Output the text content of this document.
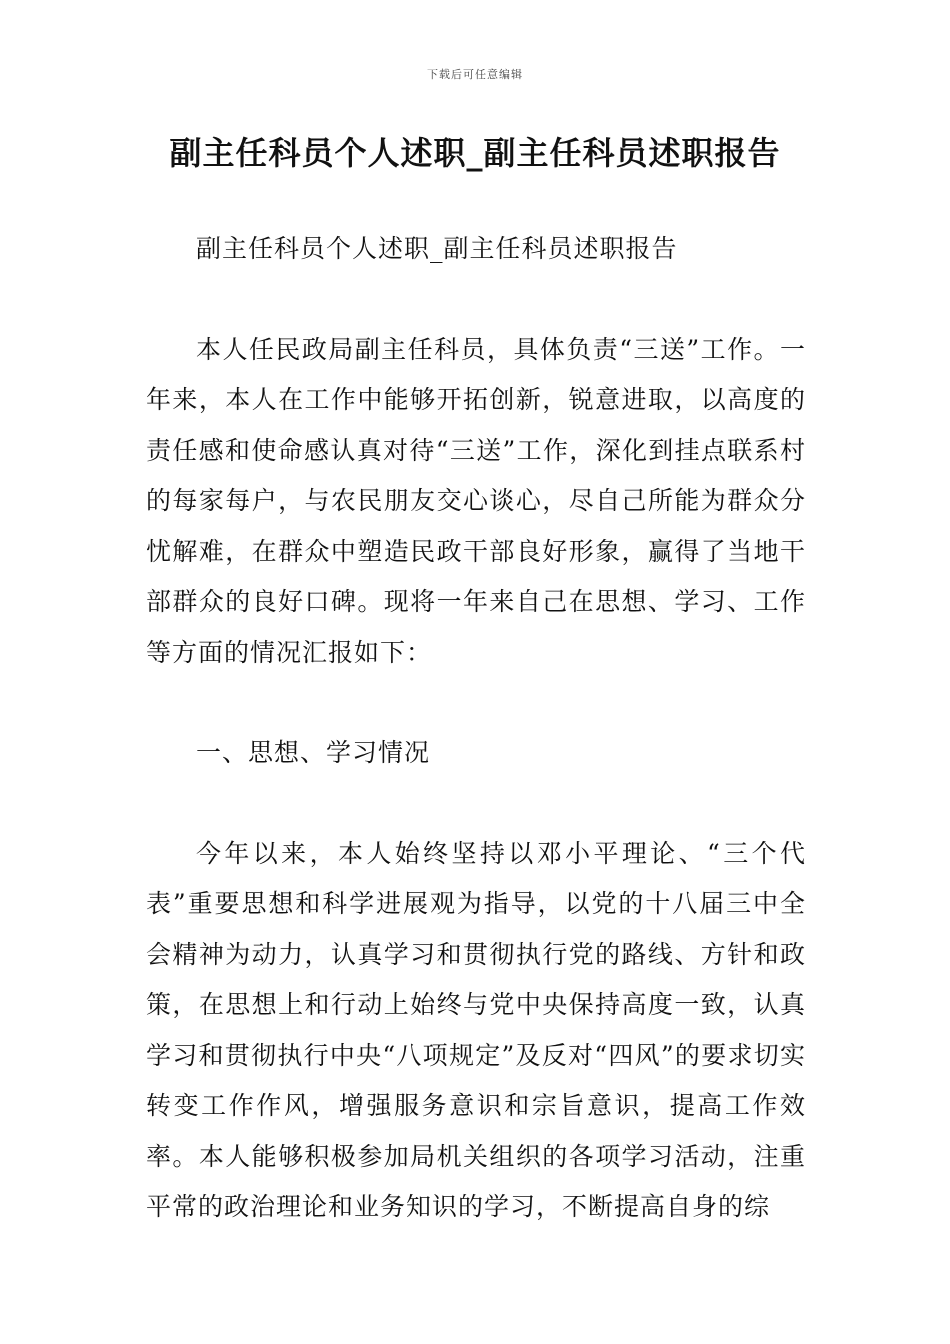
下载后可任意编辑
副主任科员个人述职_副主任科员述职报告

副主任科员个人述职_副主任科员述职报告

本人任民政局副主任科员，具体负责“三送”工作。一年来，本人在工作中能够开拓创新，锐意进取，以高度的责任感和使命感认真对待“三送”工作，深化到挂点联系村的每家每户，与农民朋友交心谈心，尽自己所能为群众分忧解难，在群众中塑造民政干部良好形象，赢得了当地干部群众的良好口碑。现将一年来自己在思想、学习、工作等方面的情况汇报如下：

一、思想、学习情况

今年以来，本人始终坚持以邓小平理论、“三个代表”重要思想和科学进展观为指导，以党的十八届三中全会精神为动力，认真学习和贯彻执行党的路线、方针和政策，在思想上和行动上始终与党中央保持高度一致，认真学习和贯彻执行中央“八项规定”及反对“四风”的要求切实转变工作作风，增强服务意识和宗旨意识，提高工作效率。本人能够积极参加局机关组织的各项学习活动，注重平常的政治理论和业务知识的学习，不断提高自身的综
